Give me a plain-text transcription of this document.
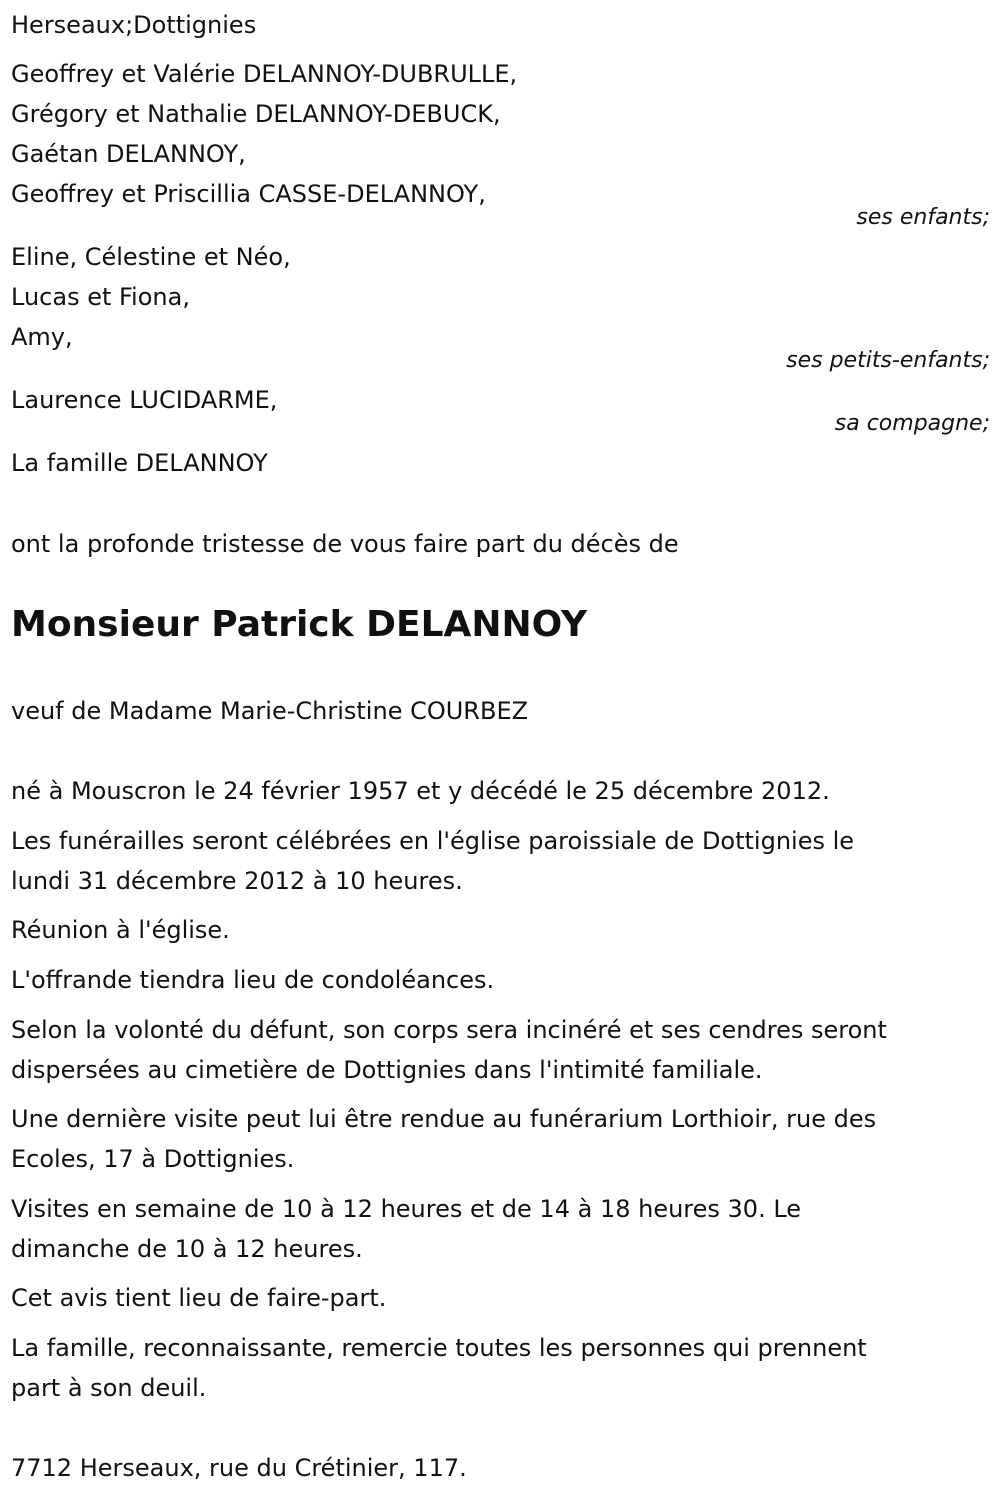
Herseaux;Dottignies
Geoffrey et Valérie DELANNOY-DUBRULLE,
Grégory et Nathalie DELANNOY-DEBUCK,
Gaétan DELANNOY,
Geoffrey et Priscillia CASSE-DELANNOY,
ses enfants;
Eline, Célestine et Néo,
Lucas et Fiona,
Amy,
ses petits-enfants;
Laurence LUCIDARME,
sa compagne;
La famille DELANNOY
ont la profonde tristesse de vous faire part du décès de
Monsieur Patrick DELANNOY
veuf de Madame Marie-Christine COURBEZ
né à Mouscron le 24 février 1957 et y décédé le 25 décembre 2012.
Les funérailles seront célébrées en l'église paroissiale de Dottignies le
lundi 31 décembre 2012 à 10 heures.
Réunion à l'église.
L'offrande tiendra lieu de condoléances.
Selon la volonté du défunt, son corps sera incinéré et ses cendres seront
dispersées au cimetière de Dottignies dans l'intimité familiale.
Une dernière visite peut lui être rendue au funérarium Lorthioir, rue des
Ecoles, 17 à Dottignies.
Visites en semaine de 10 à 12 heures et de 14 à 18 heures 30. Le
dimanche de 10 à 12 heures.
Cet avis tient lieu de faire-part.
La famille, reconnaissante, remercie toutes les personnes qui prennent
part à son deuil.
7712 Herseaux, rue du Crétinier, 117.
